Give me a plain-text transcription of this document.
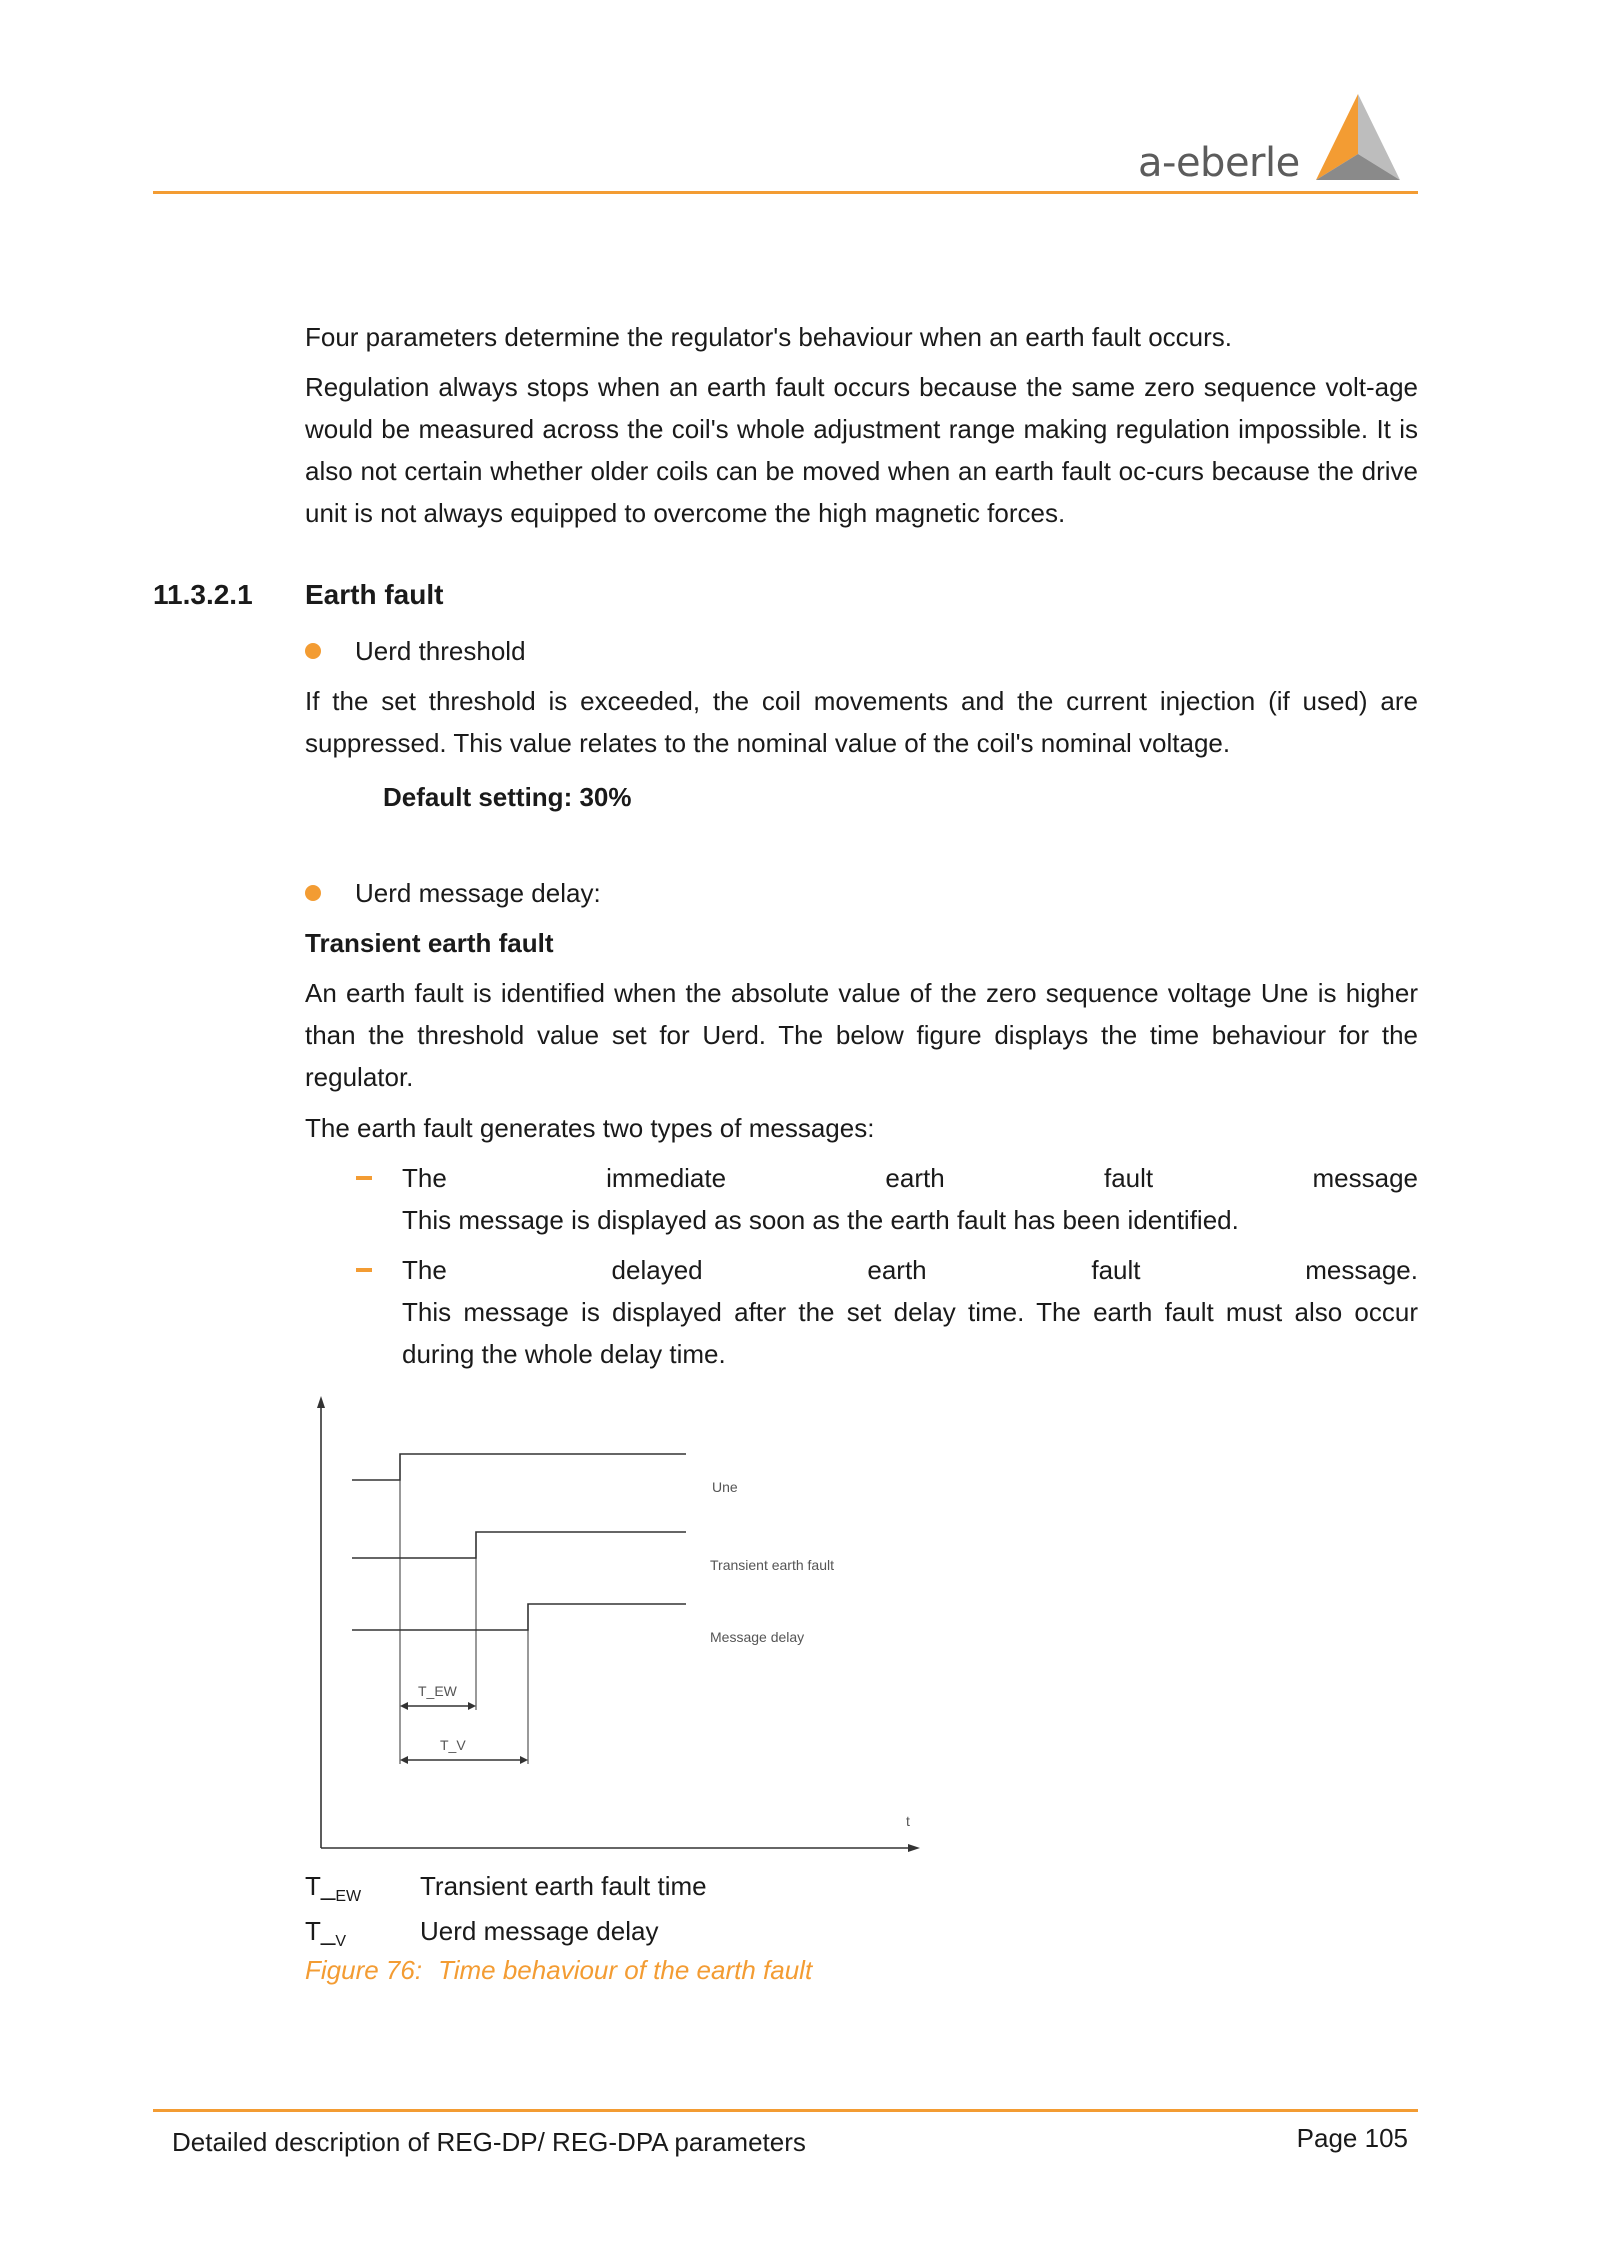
a-eberle
Four parameters determine the regulator's behaviour when an earth fault occurs.
Regulation always stops when an earth fault occurs because the same zero sequence volt-age would be measured across the coil's whole adjustment range making regulation impossible. It is also not certain whether older coils can be moved when an earth fault oc-curs because the drive unit is not always equipped to overcome the high magnetic forces.
11.3.2.1 Earth fault
Uerd threshold
If the set threshold is exceeded, the coil movements and the current injection (if used) are suppressed. This value relates to the nominal value of the coil's nominal voltage.
Default setting: 30%
Uerd message delay:
Transient earth fault
An earth fault is identified when the absolute value of the zero sequence voltage Une is higher than the threshold value set for Uerd. The below figure displays the time behaviour for the regulator.
The earth fault generates two types of messages:
The	immediate	earth	fault	message
This message is displayed as soon as the earth fault has been identified.
The	delayed	earth	fault	message.
This message is displayed after the set delay time. The earth fault must also occur during the whole delay time.
Une
Transient earth fault
Message delay
T_EW
T_V
t
$T\__{EW}$ Transient earth fault time
$T\__V$	Uerd message delay
Figure 76: Time behaviour of the earth fault
Detailed description of REG-DP/ REG-DPA parameters	Page 105
